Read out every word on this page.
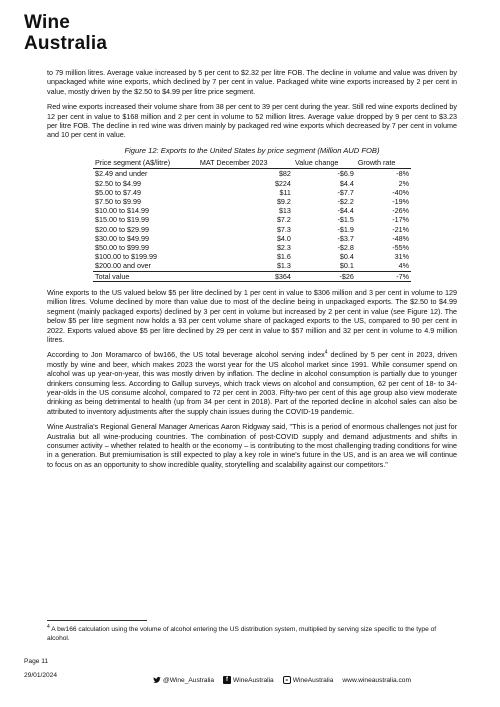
Wine
Australia

to 79 million litres. Average value increased by 5 per cent to $2.32 per litre FOB. The decline in volume and value was driven by unpackaged white wine exports, which declined by 7 per cent in value. Packaged white wine exports increased by 2 per cent in value, mostly driven by the $2.50 to $4.99 per litre price segment.

Red wine exports increased their volume share from 38 per cent to 39 per cent during the year. Still red wine exports declined by 12 per cent in value to $168 million and 2 per cent in volume to 52 million litres. Average value dropped by 9 per cent to $3.23 per litre FOB. The decline in red wine was driven mainly by packaged red wine exports which decreased by 7 per cent in volume and 10 per cent in value.

Figure 12: Exports to the United States by price segment (Million AUD FOB)
Price segment (A$/litre)	MAT December 2023	Value change	Growth rate
$2.49 and under	$82	-$6.9	-8%
$2.50 to $4.99	$224	$4.4	2%
$5.00 to $7.49	$11	-$7.7	-40%
$7.50 to $9.99	$9.2	-$2.2	-19%
$10.00 to $14.99	$13	-$4.4	-26%
$15.00 to $19.99	$7.2	-$1.5	-17%
$20.00 to $29.99	$7.3	-$1.9	-21%
$30.00 to $49.99	$4.0	-$3.7	-48%
$50.00 to $99.99	$2.3	-$2.8	-55%
$100.00 to $199.99	$1.6	$0.4	31%
$200.00 and over	$1.3	$0.1	4%
Total value	$364	-$26	-7%

Wine exports to the US valued below $5 per litre declined by 1 per cent in value to $306 million and 3 per cent in volume to 129 million litres. Volume declined by more than value due to most of the decline being in unpackaged exports. The $2.50 to $4.99 segment (mainly packaged exports) declined by 3 per cent in volume but increased by 2 per cent in value (see Figure 12). The below $5 per litre segment now holds a 93 per cent volume share of packaged exports to the US, compared to 90 per cent in 2022. Exports valued above $5 per litre declined by 29 per cent in value to $57 million and 32 per cent in volume to 4.9 million litres.

According to Jon Moramarco of bw166, the US total beverage alcohol serving index$^4$ declined by 5 per cent in 2023, driven mostly by wine and beer, which makes 2023 the worst year for the US alcohol market since 1991. While consumer spend on alcohol was up year-on-year, this was mostly driven by inflation. The decline in alcohol consumption is partially due to younger drinkers consuming less. According to Gallup surveys, which track views on alcohol and consumption, 62 per cent of 18- to 34-year-olds in the US consume alcohol, compared to 72 per cent in 2003. Fifty-two per cent of this age group also view moderate drinking as being detrimental to health (up from 34 per cent in 2018). Part of the reported decline in alcohol sales can also be attributed to inventory adjustments after the supply chain issues during the COVID-19 pandemic.

Wine Australia's Regional General Manager Americas Aaron Ridgway said, "This is a period of enormous challenges not just for Australia but all wine-producing countries. The combination of post-COVID supply and demand adjustments and shifts in consumer activity – whether related to health or the economy – is contributing to the most challenging trading conditions for wine in a generation. But premiumisation is still expected to play a key role in wine's future in the US, and is an area we will continue to focus on as an opportunity to show incredible quality, storytelling and scalability against our competitors."

$^4$ A bw166 calculation using the volume of alcohol entering the US distribution system, multiplied by serving size specific to the type of alcohol.
Page 11
29/01/2024
@Wine_Australia	f WineAustralia	o WineAustralia www.wineaustralia.com
